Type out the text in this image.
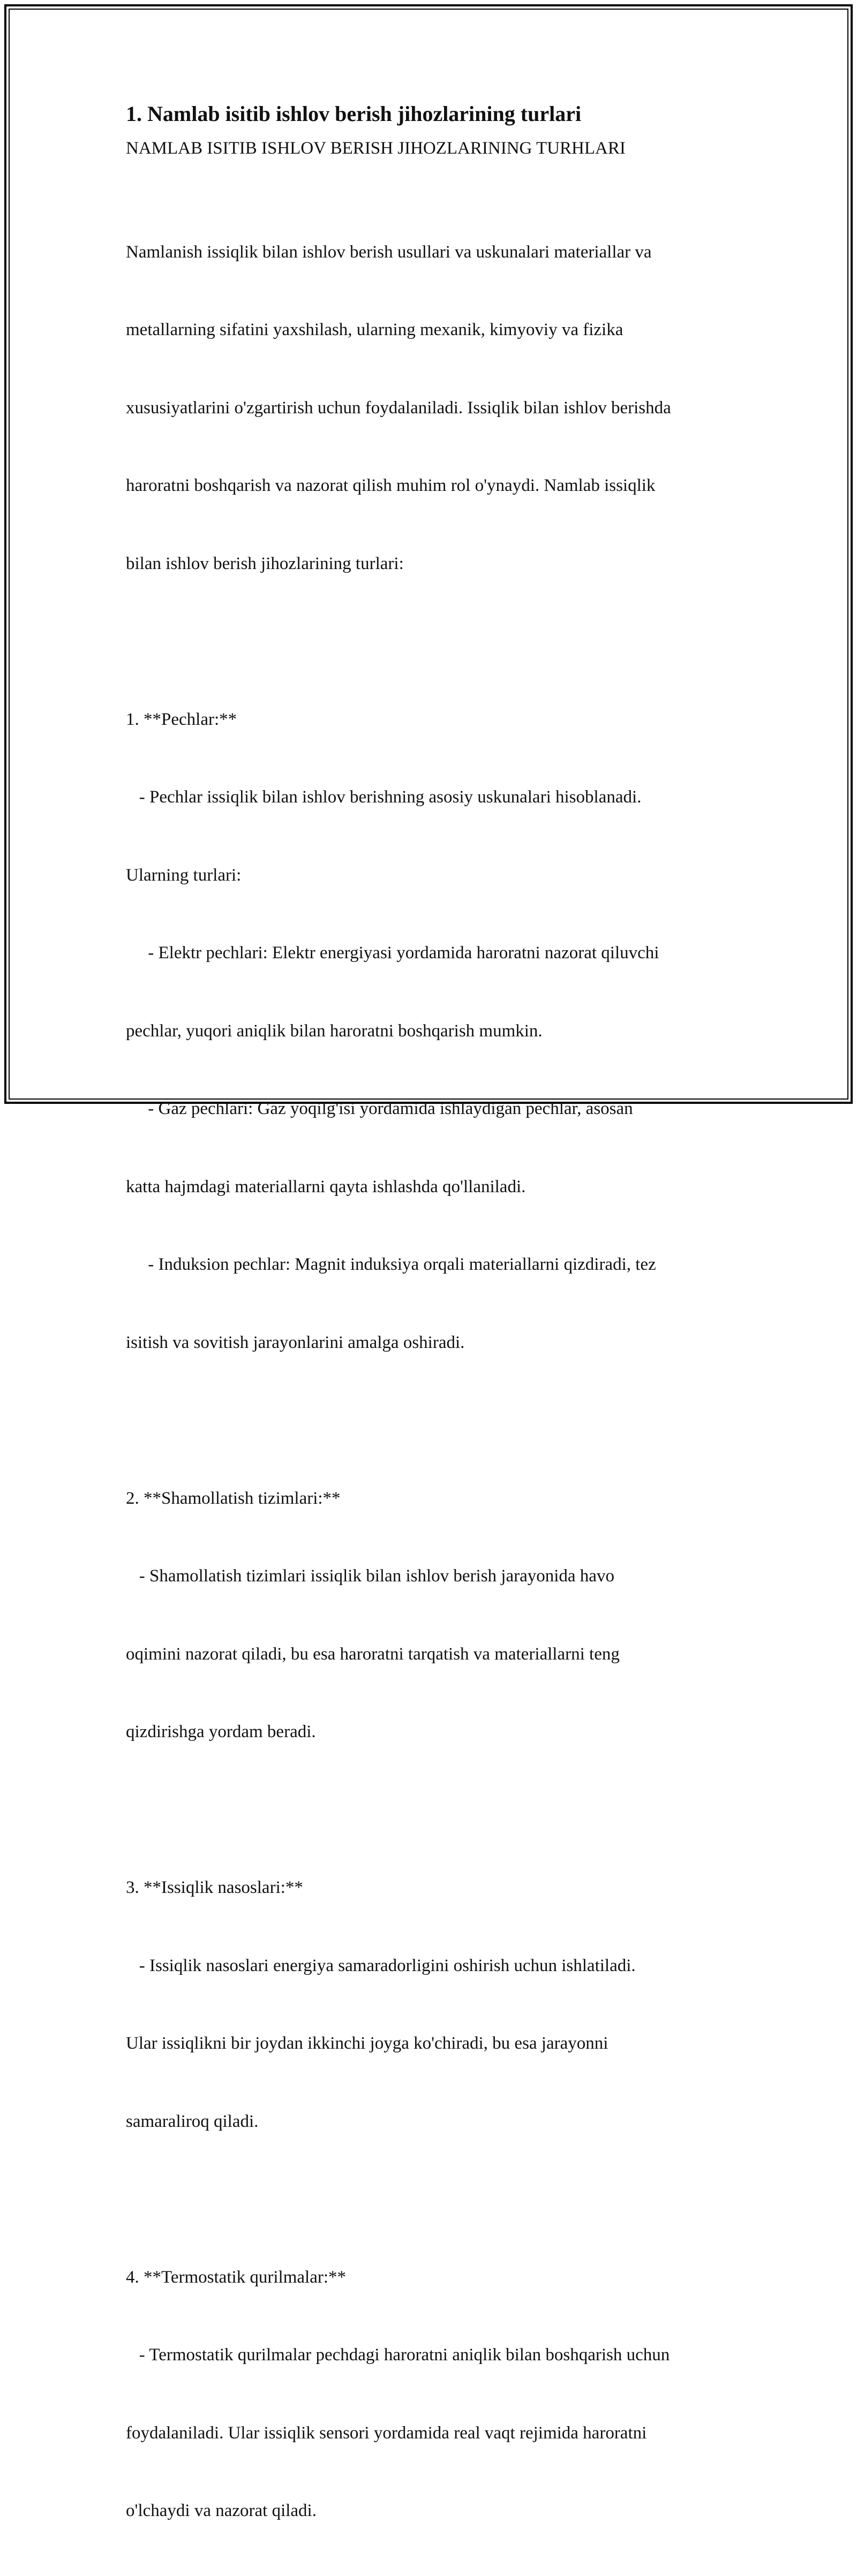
1. Namlab isitib ishlov berish jihozlarining turlari
NAMLAB ISITIB ISHLOV BERISH JIHOZLARINING TURHLARI

Namlanish issiqlik bilan ishlov berish usullari va uskunalari materiallar va

metallarning sifatini yaxshilash, ularning mexanik, kimyoviy va fizika

xususiyatlarini o'zgartirish uchun foydalaniladi. Issiqlik bilan ishlov berishda

haroratni boshqarish va nazorat qilish muhim rol o'ynaydi. Namlab issiqlik

bilan ishlov berish jihozlarining turlari:

1. **Pechlar:**

- Pechlar issiqlik bilan ishlov berishning asosiy uskunalari hisoblanadi.

Ularning turlari:

- Elektr pechlari: Elektr energiyasi yordamida haroratni nazorat qiluvchi

pechlar, yuqori aniqlik bilan haroratni boshqarish mumkin.

- Gaz pechlari: Gaz yoqilg'isi yordamida ishlaydigan pechlar, asosan

katta hajmdagi materiallarni qayta ishlashda qo'llaniladi.

- Induksion pechlar: Magnit induksiya orqali materiallarni qizdiradi, tez

isitish va sovitish jarayonlarini amalga oshiradi.

2. **Shamollatish tizimlari:**

- Shamollatish tizimlari issiqlik bilan ishlov berish jarayonida havo

oqimini nazorat qiladi, bu esa haroratni tarqatish va materiallarni teng

qizdirishga yordam beradi.

3. **Issiqlik nasoslari:**

- Issiqlik nasoslari energiya samaradorligini oshirish uchun ishlatiladi.

Ular issiqlikni bir joydan ikkinchi joyga ko'chiradi, bu esa jarayonni

samaraliroq qiladi.

4. **Termostatik qurilmalar:**

- Termostatik qurilmalar pechdagi haroratni aniqlik bilan boshqarish uchun

foydalaniladi. Ular issiqlik sensori yordamida real vaqt rejimida haroratni

o'lchaydi va nazorat qiladi.
